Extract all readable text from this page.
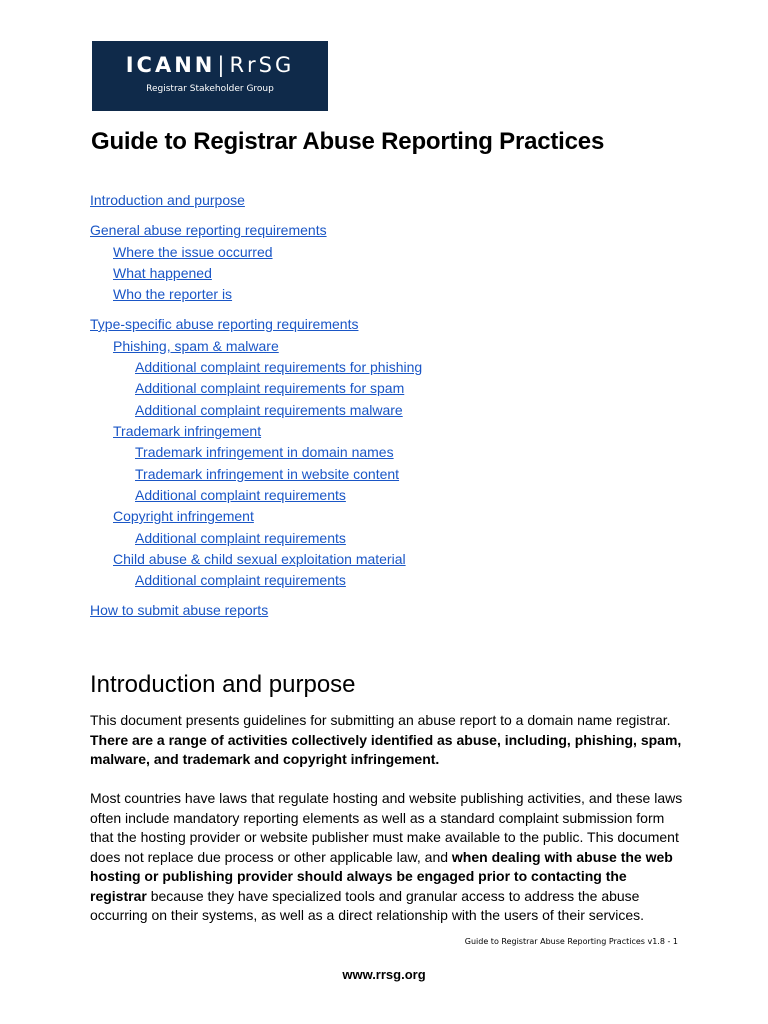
ICANN|RrSG
Registrar Stakeholder Group
Guide to Registrar Abuse Reporting Practices
Introduction and purpose
General abuse reporting requirements
Where the issue occurred
What happened
Who the reporter is
Type-specific abuse reporting requirements
Phishing, spam & malware
Additional complaint requirements for phishing
Additional complaint requirements for spam
Additional complaint requirements malware
Trademark infringement
Trademark infringement in domain names
Trademark infringement in website content
Additional complaint requirements
Copyright infringement
Additional complaint requirements
Child abuse & child sexual exploitation material
Additional complaint requirements
How to submit abuse reports
Introduction and purpose

This document presents guidelines for submitting an abuse report to a domain name registrar. There are a range of activities collectively identified as abuse, including, phishing, spam, malware, and trademark and copyright infringement.

Most countries have laws that regulate hosting and website publishing activities, and these laws often include mandatory reporting elements as well as a standard complaint submission form that the hosting provider or website publisher must make available to the public. This document does not replace due process or other applicable law, and when dealing with abuse the web hosting or publishing provider should always be engaged prior to contacting the registrar because they have specialized tools and granular access to address the abuse occurring on their systems, as well as a direct relationship with the users of their services.

Guide to Registrar Abuse Reporting Practices v1.8 - 1
www.rrsg.org
